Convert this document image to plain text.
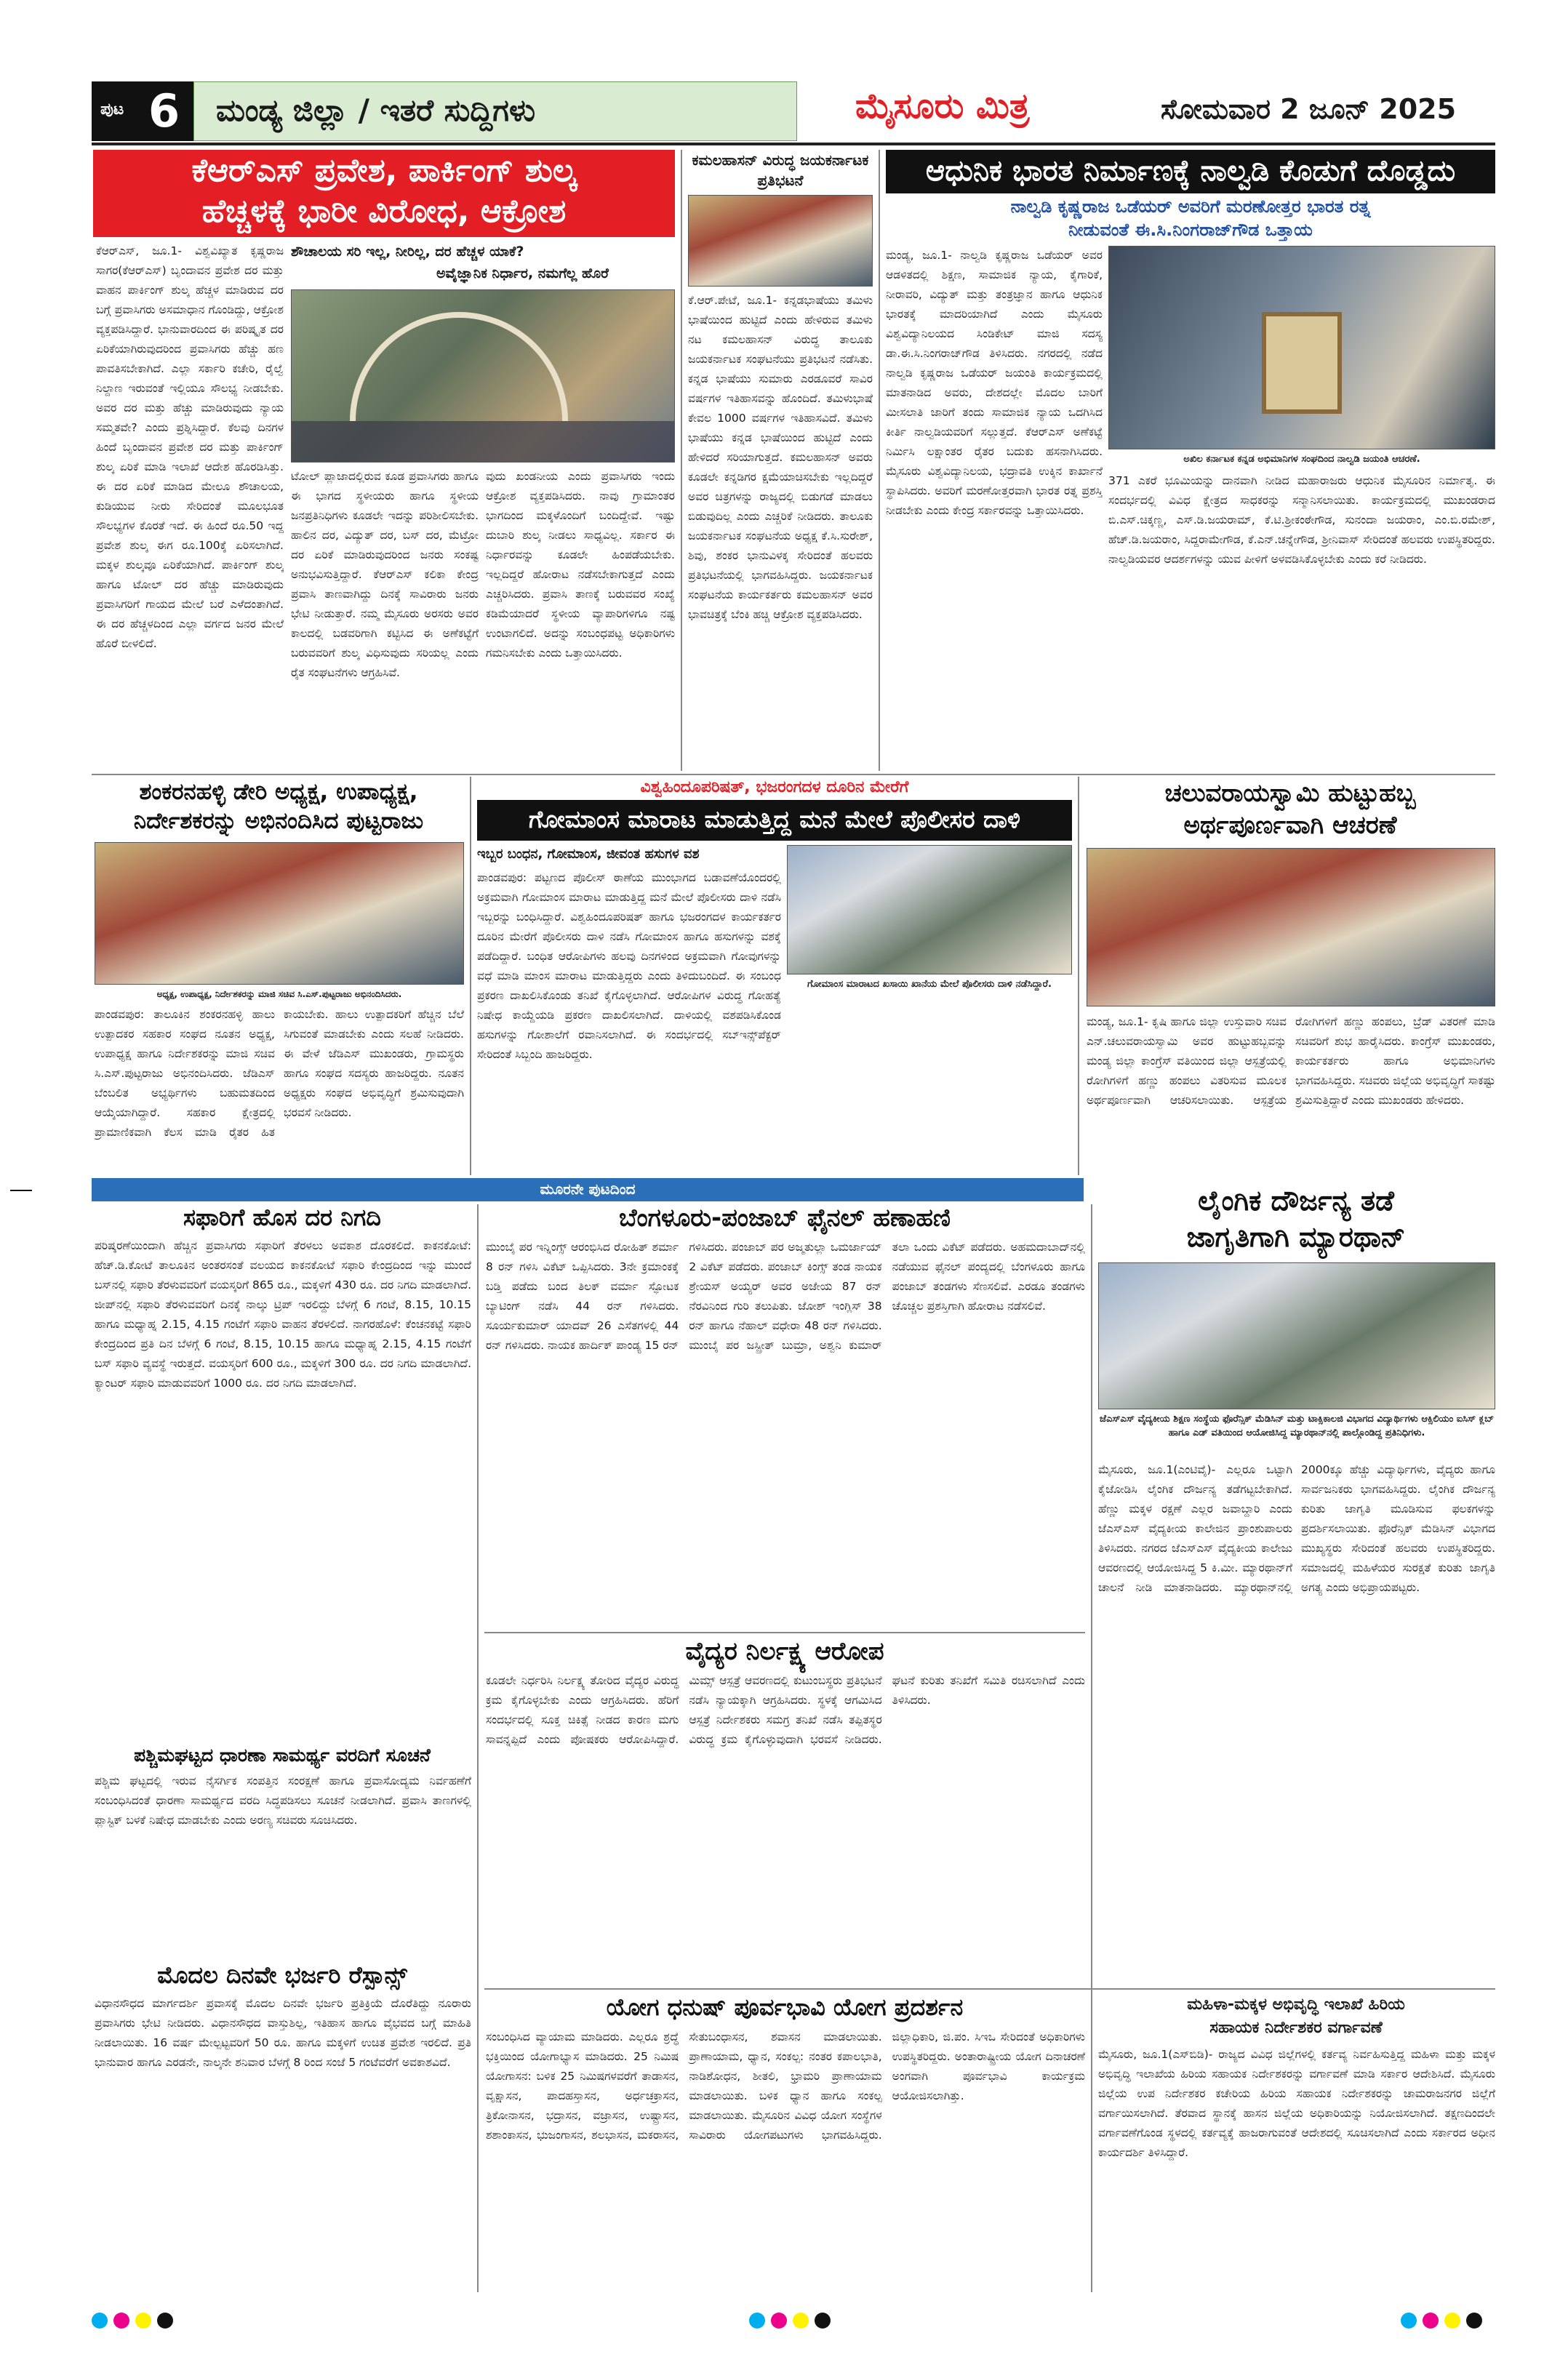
ಪುಟ 6 ಮಂಡ್ಯ ಜಿಲ್ಲಾ / ಇತರೆ ಸುದ್ದಿಗಳು	ಮೈಸೂರು ಮಿತ್ರ	ಸೋಮವಾರ 2 ಜೂನ್ 2025
ಕೆಆರ್‌ಎಸ್ ಪ್ರವೇಶ, ಪಾರ್ಕಿಂಗ್ ಶುಲ್ಕ
ಹೆಚ್ಚಳಕ್ಕೆ ಭಾರೀ ವಿರೋಧ, ಆಕ್ರೋಶ
ಕೆಆರ್‌ಎಸ್, ಜೂ.1- ವಿಶ್ವವಿಖ್ಯಾತ ಕೃಷ್ಣರಾಜ ಸಾಗರ(ಕೆಆರ್‌ಎಸ್) ಬೃಂದಾವನ ಪ್ರವೇಶ ದರ ಮತ್ತು ವಾಹನ ಪಾರ್ಕಿಂಗ್ ಶುಲ್ಕ ಹೆಚ್ಚಳ ಮಾಡಿರುವ ದರ ಬಗ್ಗೆ ಪ್ರವಾಸಿಗರು ಅಸಮಾಧಾನ ಗೊಂಡಿದ್ದು, ಆಕ್ರೋಶ ವ್ಯಕ್ತಪಡಿಸಿದ್ದಾರೆ. ಭಾನುವಾರದಿಂದ ಈ ಪರಿಷ್ಕೃತ ದರ ಏರಿಕೆಯಾಗಿರುವುದರಿಂದ ಪ್ರವಾಸಿಗರು ಹೆಚ್ಚು ಹಣ ಪಾವತಿಸಬೇಕಾಗಿದೆ. ಎಲ್ಲಾ ಸರ್ಕಾರಿ ಕಚೇರಿ, ರೈಲ್ವೆ ನಿಲ್ದಾಣ ಇರುವಂತೆ ಇಲ್ಲಿಯೂ ಸೌಲಭ್ಯ ನೀಡಬೇಕು. ಅವರ ದರ ಮತ್ತು ಹೆಚ್ಚು ಮಾಡಿರುವುದು ನ್ಯಾಯ ಸಮ್ಮತವೇ? ಎಂದು ಪ್ರಶ್ನಿಸಿದ್ದಾರೆ. ಕೆಲವು ದಿನಗಳ ಹಿಂದೆ ಬೃಂದಾವನ ಪ್ರವೇಶ ದರ ಮತ್ತು ಪಾರ್ಕಿಂಗ್ ಶುಲ್ಕ ಏರಿಕೆ ಮಾಡಿ ಇಲಾಖೆ ಆದೇಶ ಹೊರಡಿಸಿತ್ತು. ಈ ದರ ಏರಿಕೆ ಮಾಡಿದ ಮೇಲೂ ಶೌಚಾಲಯ, ಕುಡಿಯುವ ನೀರು ಸೇರಿದಂತೆ ಮೂಲಭೂತ ಸೌಲಭ್ಯಗಳ ಕೊರತೆ ಇದೆ. ಈ ಹಿಂದೆ ರೂ.50 ಇದ್ದ ಪ್ರವೇಶ ಶುಲ್ಕ ಈಗ ರೂ.100ಕ್ಕೆ ಏರಿಸಲಾಗಿದೆ. ಮಕ್ಕಳ ಶುಲ್ಕವೂ ಏರಿಕೆಯಾಗಿದೆ. ಪಾರ್ಕಿಂಗ್ ಶುಲ್ಕ ಹಾಗೂ ಟೋಲ್ ದರ ಹೆಚ್ಚು ಮಾಡಿರುವುದು ಪ್ರವಾಸಿಗರಿಗೆ ಗಾಯದ ಮೇಲೆ ಬರೆ ಎಳೆದಂತಾಗಿದೆ. ಈ ದರ ಹೆಚ್ಚಳದಿಂದ ಎಲ್ಲಾ ವರ್ಗದ ಜನರ ಮೇಲೆ ಹೊರೆ ಬೀಳಲಿದೆ.
ಶೌಚಾಲಯ ಸರಿ ಇಲ್ಲ, ನೀರಿಲ್ಲ, ದರ ಹೆಚ್ಚಳ ಯಾಕೆ?
ಅವೈಜ್ಞಾನಿಕ ನಿರ್ಧಾರ, ನಮಗೆಲ್ಲ ಹೊರೆ
ಟೋಲ್ ಪ್ಲಾಜಾದಲ್ಲಿರುವ ಕೂಡ ಪ್ರವಾಸಿಗರು ಹಾಗೂ ಈ ಭಾಗದ ಸ್ಥಳೀಯರು ಹಾಗೂ ಸ್ಥಳೀಯ ಜನಪ್ರತಿನಿಧಿಗಳು ಕೂಡಲೇ ಇದನ್ನು ಪರಿಶೀಲಿಸಬೇಕು. ಹಾಲಿನ ದರ, ವಿದ್ಯುತ್ ದರ, ಬಸ್ ದರ, ಮೆಟ್ರೋ ದರ ಏರಿಕೆ ಮಾಡಿರುವುದರಿಂದ ಜನರು ಸಂಕಷ್ಟ ಅನುಭವಿಸುತ್ತಿದ್ದಾರೆ. ಕೆಆರ್‌ಎಸ್ ಕಲಿಕಾ ಕೇಂದ್ರ ಪ್ರವಾಸಿ ತಾಣವಾಗಿದ್ದು ದಿನಕ್ಕೆ ಸಾವಿರಾರು ಜನರು ಭೇಟಿ ನೀಡುತ್ತಾರೆ. ನಮ್ಮ ಮೈಸೂರು ಅರಸರು ಅವರ ಕಾಲದಲ್ಲಿ ಬಡವರಿಗಾಗಿ ಕಟ್ಟಿಸಿದ ಈ ಅಣೆಕಟ್ಟೆಗೆ ಬರುವವರಿಗೆ ಶುಲ್ಕ ವಿಧಿಸುವುದು ಸರಿಯಲ್ಲ ಎಂದು ರೈತ ಸಂಘಟನೆಗಳು ಆಗ್ರಹಿಸಿವೆ.
ವುದು ಖಂಡನೀಯ ಎಂದು ಪ್ರವಾಸಿಗರು ಇಂದು ಆಕ್ರೋಶ ವ್ಯಕ್ತಪಡಿಸಿದರು. ನಾವು ಗ್ರಾಮಾಂತರ ಭಾಗದಿಂದ ಮಕ್ಕಳೊಂದಿಗೆ ಬಂದಿದ್ದೇವೆ. ಇಷ್ಟು ದುಬಾರಿ ಶುಲ್ಕ ನೀಡಲು ಸಾಧ್ಯವಿಲ್ಲ. ಸರ್ಕಾರ ಈ ನಿರ್ಧಾರವನ್ನು ಕೂಡಲೇ ಹಿಂಪಡೆಯಬೇಕು. ಇಲ್ಲದಿದ್ದರೆ ಹೋರಾಟ ನಡೆಸಬೇಕಾಗುತ್ತದೆ ಎಂದು ಎಚ್ಚರಿಸಿದರು. ಪ್ರವಾಸಿ ತಾಣಕ್ಕೆ ಬರುವವರ ಸಂಖ್ಯೆ ಕಡಿಮೆಯಾದರೆ ಸ್ಥಳೀಯ ವ್ಯಾಪಾರಿಗಳಿಗೂ ನಷ್ಟ ಉಂಟಾಗಲಿದೆ. ಅದನ್ನು ಸಂಬಂಧಪಟ್ಟ ಅಧಿಕಾರಿಗಳು ಗಮನಿಸಬೇಕು ಎಂದು ಒತ್ತಾಯಿಸಿದರು.
ಕಮಲಹಾಸನ್ ವಿರುದ್ಧ ಜಯಕರ್ನಾಟಕ ಪ್ರತಿಭಟನೆ
ಕೆ.ಆರ್.ಪೇಟೆ, ಜೂ.1- ಕನ್ನಡಭಾಷೆಯು ತಮಿಳು ಭಾಷೆಯಿಂದ ಹುಟ್ಟಿದೆ ಎಂದು ಹೇಳಿರುವ ತಮಿಳು ನಟ ಕಮಲಹಾಸನ್ ವಿರುದ್ಧ ತಾಲೂಕು ಜಯಕರ್ನಾಟಕ ಸಂಘಟನೆಯು ಪ್ರತಿಭಟನೆ ನಡೆಸಿತು. ಕನ್ನಡ ಭಾಷೆಯು ಸುಮಾರು ಎರಡೂವರೆ ಸಾವಿರ ವರ್ಷಗಳ ಇತಿಹಾಸವನ್ನು ಹೊಂದಿದೆ. ತಮಿಳುಭಾಷೆ ಕೇವಲ 1000 ವರ್ಷಗಳ ಇತಿಹಾಸವಿದೆ. ತಮಿಳು ಭಾಷೆಯು ಕನ್ನಡ ಭಾಷೆಯಿಂದ ಹುಟ್ಟಿದೆ ಎಂದು ಹೇಳಿದರೆ ಸರಿಯಾಗುತ್ತದೆ. ಕಮಲಹಾಸನ್ ಅವರು ಕೂಡಲೇ ಕನ್ನಡಿಗರ ಕ್ಷಮೆಯಾಚಿಸಬೇಕು ಇಲ್ಲದಿದ್ದರೆ ಅವರ ಚಿತ್ರಗಳನ್ನು ರಾಜ್ಯದಲ್ಲಿ ಬಿಡುಗಡೆ ಮಾಡಲು ಬಿಡುವುದಿಲ್ಲ ಎಂದು ಎಚ್ಚರಿಕೆ ನೀಡಿದರು. ತಾಲೂಕು ಜಯಕರ್ನಾಟಕ ಸಂಘಟನೆಯ ಅಧ್ಯಕ್ಷ ಕೆ.ಸಿ.ಸುರೇಶ್, ಶಿವು, ಶಂಕರ ಭಾನುವಿಳಕ್ಕ ಸೇರಿದಂತೆ ಹಲವರು ಪ್ರತಿಭಟನೆಯಲ್ಲಿ ಭಾಗವಹಿಸಿದ್ದರು. ಜಯಕರ್ನಾಟಕ ಸಂಘಟನೆಯ ಕಾರ್ಯಕರ್ತರು ಕಮಲಹಾಸನ್ ಅವರ ಭಾವಚಿತ್ರಕ್ಕೆ ಬೆಂಕಿ ಹಚ್ಚಿ ಆಕ್ರೋಶ ವ್ಯಕ್ತಪಡಿಸಿದರು.
ಆಧುನಿಕ ಭಾರತ ನಿರ್ಮಾಣಕ್ಕೆ ನಾಲ್ವಡಿ ಕೊಡುಗೆ ದೊಡ್ಡದು
ನಾಲ್ವಡಿ ಕೃಷ್ಣರಾಜ ಒಡೆಯರ್ ಅವರಿಗೆ ಮರಣೋತ್ತರ ಭಾರತ ರತ್ನ
ನೀಡುವಂತೆ ಈ.ಸಿ.ನಿಂಗರಾಜ್‌ಗೌಡ ಒತ್ತಾಯ
ಮಂಡ್ಯ, ಜೂ.1- ನಾಲ್ವಡಿ ಕೃಷ್ಣರಾಜ ಒಡೆಯರ್ ಅವರ ಆಡಳಿತದಲ್ಲಿ ಶಿಕ್ಷಣ, ಸಾಮಾಜಿಕ ನ್ಯಾಯ, ಕೈಗಾರಿಕೆ, ನೀರಾವರಿ, ವಿದ್ಯುತ್ ಮತ್ತು ತಂತ್ರಜ್ಞಾನ ಹಾಗೂ ಆಧುನಿಕ ಭಾರತಕ್ಕೆ ಮಾದರಿಯಾಗಿದೆ ಎಂದು ಮೈಸೂರು ವಿಶ್ವವಿದ್ಯಾನಿಲಯದ ಸಿಂಡಿಕೇಟ್ ಮಾಜಿ ಸದಸ್ಯ ಡಾ.ಈ.ಸಿ.ನಿಂಗರಾಜ್‌ಗೌಡ ತಿಳಿಸಿದರು. ನಗರದಲ್ಲಿ ನಡೆದ ನಾಲ್ವಡಿ ಕೃಷ್ಣರಾಜ ಒಡೆಯರ್ ಜಯಂತಿ ಕಾರ್ಯಕ್ರಮದಲ್ಲಿ ಮಾತನಾಡಿದ ಅವರು, ದೇಶದಲ್ಲೇ ಮೊದಲ ಬಾರಿಗೆ ಮೀಸಲಾತಿ ಜಾರಿಗೆ ತಂದು ಸಾಮಾಜಿಕ ನ್ಯಾಯ ಒದಗಿಸಿದ ಕೀರ್ತಿ ನಾಲ್ವಡಿಯವರಿಗೆ ಸಲ್ಲುತ್ತದೆ. ಕೆಆರ್‌ಎಸ್ ಅಣೆಕಟ್ಟೆ ನಿರ್ಮಿಸಿ ಲಕ್ಷಾಂತರ ರೈತರ ಬದುಕು ಹಸನಾಗಿಸಿದರು. ಮೈಸೂರು ವಿಶ್ವವಿದ್ಯಾನಿಲಯ, ಭದ್ರಾವತಿ ಉಕ್ಕಿನ ಕಾರ್ಖಾನೆ ಸ್ಥಾಪಿಸಿದರು. ಅವರಿಗೆ ಮರಣೋತ್ತರವಾಗಿ ಭಾರತ ರತ್ನ ಪ್ರಶಸ್ತಿ ನೀಡಬೇಕು ಎಂದು ಕೇಂದ್ರ ಸರ್ಕಾರವನ್ನು ಒತ್ತಾಯಿಸಿದರು.
ಅಖಿಲ ಕರ್ನಾಟಕ ಕನ್ನಡ ಅಭಿಮಾನಿಗಳ ಸಂಘದಿಂದ ನಾಲ್ವಡಿ ಜಯಂತಿ ಆಚರಣೆ.
371 ಎಕರೆ ಭೂಮಿಯನ್ನು ದಾನವಾಗಿ ನೀಡಿದ ಮಹಾರಾಜರು ಆಧುನಿಕ ಮೈಸೂರಿನ ನಿರ್ಮಾತೃ. ಈ ಸಂದರ್ಭದಲ್ಲಿ ವಿವಿಧ ಕ್ಷೇತ್ರದ ಸಾಧಕರನ್ನು ಸನ್ಮಾನಿಸಲಾಯಿತು. ಕಾರ್ಯಕ್ರಮದಲ್ಲಿ ಮುಖಂಡರಾದ ಬಿ.ಎಸ್.ಚಿಕ್ಕಣ್ಣ, ಎಸ್.ಡಿ.ಜಯರಾಮ್, ಕೆ.ಟಿ.ಶ್ರೀಕಂಠೇಗೌಡ, ಸುನಂದಾ ಜಯರಾಂ, ಎಂ.ಬಿ.ರಮೇಶ್, ಹೆಚ್.ಡಿ.ಜಯರಾಂ, ಸಿದ್ದರಾಮೇಗೌಡ, ಕೆ.ಎನ್.ಚನ್ನೇಗೌಡ, ಶ್ರೀನಿವಾಸ್ ಸೇರಿದಂತೆ ಹಲವರು ಉಪಸ್ಥಿತರಿದ್ದರು. ನಾಲ್ವಡಿಯವರ ಆದರ್ಶಗಳನ್ನು ಯುವ ಪೀಳಿಗೆ ಅಳವಡಿಸಿಕೊಳ್ಳಬೇಕು ಎಂದು ಕರೆ ನೀಡಿದರು.
ಶಂಕರನಹಳ್ಳಿ ಡೇರಿ ಅಧ್ಯಕ್ಷ, ಉಪಾಧ್ಯಕ್ಷ,
ನಿರ್ದೇಶಕರನ್ನು ಅಭಿನಂದಿಸಿದ ಪುಟ್ಟರಾಜು
ಅಧ್ಯಕ್ಷ, ಉಪಾಧ್ಯಕ್ಷ, ನಿರ್ದೇಶಕರನ್ನು ಮಾಜಿ ಸಚಿವ ಸಿ.ಎಸ್.ಪುಟ್ಟರಾಜು ಅಭಿನಂದಿಸಿದರು.
ಪಾಂಡವಪುರ: ತಾಲೂಕಿನ ಶಂಕರನಹಳ್ಳಿ ಹಾಲು ಉತ್ಪಾದಕರ ಸಹಕಾರ ಸಂಘದ ನೂತನ ಅಧ್ಯಕ್ಷ, ಉಪಾಧ್ಯಕ್ಷ ಹಾಗೂ ನಿರ್ದೇಶಕರನ್ನು ಮಾಜಿ ಸಚಿವ ಸಿ.ಎಸ್.ಪುಟ್ಟರಾಜು ಅಭಿನಂದಿಸಿದರು. ಜೆಡಿಎಸ್ ಬೆಂಬಲಿತ ಅಭ್ಯರ್ಥಿಗಳು ಬಹುಮತದಿಂದ ಆಯ್ಕೆಯಾಗಿದ್ದಾರೆ. ಸಹಕಾರ ಕ್ಷೇತ್ರದಲ್ಲಿ ಪ್ರಾಮಾಣಿಕವಾಗಿ ಕೆಲಸ ಮಾಡಿ ರೈತರ ಹಿತ ಕಾಯಬೇಕು. ಹಾಲು ಉತ್ಪಾದಕರಿಗೆ ಹೆಚ್ಚಿನ ಬೆಲೆ ಸಿಗುವಂತೆ ಮಾಡಬೇಕು ಎಂದು ಸಲಹೆ ನೀಡಿದರು. ಈ ವೇಳೆ ಜೆಡಿಎಸ್ ಮುಖಂಡರು, ಗ್ರಾಮಸ್ಥರು ಹಾಗೂ ಸಂಘದ ಸದಸ್ಯರು ಹಾಜರಿದ್ದರು. ನೂತನ ಅಧ್ಯಕ್ಷರು ಸಂಘದ ಅಭಿವೃದ್ಧಿಗೆ ಶ್ರಮಿಸುವುದಾಗಿ ಭರವಸೆ ನೀಡಿದರು.
ವಿಶ್ವಹಿಂದೂಪರಿಷತ್, ಭಜರಂಗದಳ ದೂರಿನ ಮೇರೆಗೆ
ಗೋಮಾಂಸ ಮಾರಾಟ ಮಾಡುತ್ತಿದ್ದ ಮನೆ ಮೇಲೆ ಪೊಲೀಸರ ದಾಳಿ
ಇಬ್ಬರ ಬಂಧನ, ಗೋಮಾಂಸ, ಜೀವಂತ ಹಸುಗಳ ವಶ
ಗೋಮಾಂಸ ಮಾರಾಟದ ಖಸಾಯಿ ಖಾನೆಯ ಮೇಲೆ ಪೊಲೀಸರು ದಾಳಿ ನಡೆಸಿದ್ದಾರೆ.
ಪಾಂಡವಪುರ: ಪಟ್ಟಣದ ಪೊಲೀಸ್ ಠಾಣೆಯ ಮುಂಭಾಗದ ಬಡಾವಣೆಯೊಂದರಲ್ಲಿ ಅಕ್ರಮವಾಗಿ ಗೋಮಾಂಸ ಮಾರಾಟ ಮಾಡುತ್ತಿದ್ದ ಮನೆ ಮೇಲೆ ಪೊಲೀಸರು ದಾಳಿ ನಡೆಸಿ ಇಬ್ಬರನ್ನು ಬಂಧಿಸಿದ್ದಾರೆ. ವಿಶ್ವಹಿಂದೂಪರಿಷತ್ ಹಾಗೂ ಭಜರಂಗದಳ ಕಾರ್ಯಕರ್ತರ ದೂರಿನ ಮೇರೆಗೆ ಪೊಲೀಸರು ದಾಳಿ ನಡೆಸಿ ಗೋಮಾಂಸ ಹಾಗೂ ಹಸುಗಳನ್ನು ವಶಕ್ಕೆ ಪಡೆದಿದ್ದಾರೆ. ಬಂಧಿತ ಆರೋಪಿಗಳು ಹಲವು ದಿನಗಳಿಂದ ಅಕ್ರಮವಾಗಿ ಗೋವುಗಳನ್ನು ವಧೆ ಮಾಡಿ ಮಾಂಸ ಮಾರಾಟ ಮಾಡುತ್ತಿದ್ದರು ಎಂದು ತಿಳಿದುಬಂದಿದೆ. ಈ ಸಂಬಂಧ ಪ್ರಕರಣ ದಾಖಲಿಸಿಕೊಂಡು ತನಿಖೆ ಕೈಗೊಳ್ಳಲಾಗಿದೆ. ಆರೋಪಿಗಳ ವಿರುದ್ಧ ಗೋಹತ್ಯೆ ನಿಷೇಧ ಕಾಯ್ದೆಯಡಿ ಪ್ರಕರಣ ದಾಖಲಿಸಲಾಗಿದೆ. ದಾಳಿಯಲ್ಲಿ ವಶಪಡಿಸಿಕೊಂಡ ಹಸುಗಳನ್ನು ಗೋಶಾಲೆಗೆ ರವಾನಿಸಲಾಗಿದೆ. ಈ ಸಂದರ್ಭದಲ್ಲಿ ಸಬ್‌ಇನ್ಸ್‌ಪೆಕ್ಟರ್ ಸೇರಿದಂತೆ ಸಿಬ್ಬಂದಿ ಹಾಜರಿದ್ದರು.
ಚಲುವರಾಯಸ್ವಾಮಿ ಹುಟ್ಟುಹಬ್ಬ
ಅರ್ಥಪೂರ್ಣವಾಗಿ ಆಚರಣೆ
ಮಂಡ್ಯ, ಜೂ.1- ಕೃಷಿ ಹಾಗೂ ಜಿಲ್ಲಾ ಉಸ್ತುವಾರಿ ಸಚಿವ ಎನ್.ಚಲುವರಾಯಸ್ವಾಮಿ ಅವರ ಹುಟ್ಟುಹಬ್ಬವನ್ನು ಮಂಡ್ಯ ಜಿಲ್ಲಾ ಕಾಂಗ್ರೆಸ್ ವತಿಯಿಂದ ಜಿಲ್ಲಾ ಆಸ್ಪತ್ರೆಯಲ್ಲಿ ರೋಗಿಗಳಿಗೆ ಹಣ್ಣು ಹಂಪಲು ವಿತರಿಸುವ ಮೂಲಕ ಅರ್ಥಪೂರ್ಣವಾಗಿ ಆಚರಿಸಲಾಯಿತು. ಆಸ್ಪತ್ರೆಯ ರೋಗಿಗಳಿಗೆ ಹಣ್ಣು ಹಂಪಲು, ಬ್ರೆಡ್ ವಿತರಣೆ ಮಾಡಿ ಸಚಿವರಿಗೆ ಶುಭ ಹಾರೈಸಿದರು. ಕಾಂಗ್ರೆಸ್ ಮುಖಂಡರು, ಕಾರ್ಯಕರ್ತರು ಹಾಗೂ ಅಭಿಮಾನಿಗಳು ಭಾಗವಹಿಸಿದ್ದರು. ಸಚಿವರು ಜಿಲ್ಲೆಯ ಅಭಿವೃದ್ಧಿಗೆ ಸಾಕಷ್ಟು ಶ್ರಮಿಸುತ್ತಿದ್ದಾರೆ ಎಂದು ಮುಖಂಡರು ಹೇಳಿದರು.
ಮೂರನೇ ಪುಟದಿಂದ
ಸಫಾರಿಗೆ ಹೊಸ ದರ ನಿಗದಿ
ಪರಿಷ್ಕರಣೆಯಿಂದಾಗಿ ಹೆಚ್ಚಿನ ಪ್ರವಾಸಿಗರು ಸಫಾರಿಗೆ ತೆರಳಲು ಅವಕಾಶ ದೊರಕಲಿದೆ. ಕಾಕನಕೋಟೆ: ಹೆಚ್.ಡಿ.ಕೋಟೆ ತಾಲೂಕಿನ ಅಂತರಸಂತೆ ವಲಯದ ಕಾಕನಕೋಟೆ ಸಫಾರಿ ಕೇಂದ್ರದಿಂದ ಇನ್ನು ಮುಂದೆ ಬಸ್‌ನಲ್ಲಿ ಸಫಾರಿ ತೆರಳುವವರಿಗೆ ವಯಸ್ಕರಿಗೆ 865 ರೂ., ಮಕ್ಕಳಿಗೆ 430 ರೂ. ದರ ನಿಗದಿ ಮಾಡಲಾಗಿದೆ. ಜೀಪ್‌ನಲ್ಲಿ ಸಫಾರಿ ತೆರಳುವವರಿಗೆ ದಿನಕ್ಕೆ ನಾಲ್ಕು ಟ್ರಿಪ್ ಇರಲಿದ್ದು ಬೆಳಗ್ಗೆ 6 ಗಂಟೆ, 8.15, 10.15 ಹಾಗೂ ಮಧ್ಯಾಹ್ನ 2.15, 4.15 ಗಂಟೆಗೆ ಸಫಾರಿ ವಾಹನ ತೆರಳಲಿದೆ. ನಾಗರಹೊಳೆ: ಕೆಂಚನಕಟ್ಟೆ ಸಫಾರಿ ಕೇಂದ್ರದಿಂದ ಪ್ರತಿ ದಿನ ಬೆಳಗ್ಗೆ 6 ಗಂಟೆ, 8.15, 10.15 ಹಾಗೂ ಮಧ್ಯಾಹ್ನ 2.15, 4.15 ಗಂಟೆಗೆ ಬಸ್ ಸಫಾರಿ ವ್ಯವಸ್ಥೆ ಇರುತ್ತದೆ. ವಯಸ್ಕರಿಗೆ 600 ರೂ., ಮಕ್ಕಳಿಗೆ 300 ರೂ. ದರ ನಿಗದಿ ಮಾಡಲಾಗಿದೆ. ಕ್ಯಾಂಟರ್ ಸಫಾರಿ ಮಾಡುವವರಿಗೆ 1000 ರೂ. ದರ ನಿಗದಿ ಮಾಡಲಾಗಿದೆ.
ಪಶ್ಚಿಮಘಟ್ಟದ ಧಾರಣಾ ಸಾಮರ್ಥ್ಯ ವರದಿಗೆ ಸೂಚನೆ
ಪಶ್ಚಿಮ ಘಟ್ಟದಲ್ಲಿ ಇರುವ ನೈಸರ್ಗಿಕ ಸಂಪತ್ತಿನ ಸಂರಕ್ಷಣೆ ಹಾಗೂ ಪ್ರವಾಸೋದ್ಯಮ ನಿರ್ವಹಣೆಗೆ ಸಂಬಂಧಿಸಿದಂತೆ ಧಾರಣಾ ಸಾಮರ್ಥ್ಯದ ವರದಿ ಸಿದ್ಧಪಡಿಸಲು ಸೂಚನೆ ನೀಡಲಾಗಿದೆ. ಪ್ರವಾಸಿ ತಾಣಗಳಲ್ಲಿ ಪ್ಲಾಸ್ಟಿಕ್ ಬಳಕೆ ನಿಷೇಧ ಮಾಡಬೇಕು ಎಂದು ಅರಣ್ಯ ಸಚಿವರು ಸೂಚಿಸಿದರು.
ಮೊದಲ ದಿನವೇ ಭರ್ಜರಿ ರೆಸ್ಪಾನ್ಸ್
ವಿಧಾನಸೌಧದ ಮಾರ್ಗದರ್ಶಿ ಪ್ರವಾಸಕ್ಕೆ ಮೊದಲ ದಿನವೇ ಭರ್ಜರಿ ಪ್ರತಿಕ್ರಿಯೆ ದೊರೆತಿದ್ದು ನೂರಾರು ಪ್ರವಾಸಿಗರು ಭೇಟಿ ನೀಡಿದರು. ವಿಧಾನಸೌಧದ ವಾಸ್ತುಶಿಲ್ಪ, ಇತಿಹಾಸ ಹಾಗೂ ವೈಭವದ ಬಗ್ಗೆ ಮಾಹಿತಿ ನೀಡಲಾಯಿತು. 16 ವರ್ಷ ಮೇಲ್ಪಟ್ಟವರಿಗೆ 50 ರೂ. ಹಾಗೂ ಮಕ್ಕಳಿಗೆ ಉಚಿತ ಪ್ರವೇಶ ಇರಲಿದೆ. ಪ್ರತಿ ಭಾನುವಾರ ಹಾಗೂ ಎರಡನೇ, ನಾಲ್ಕನೇ ಶನಿವಾರ ಬೆಳಗ್ಗೆ 8 ರಿಂದ ಸಂಜೆ 5 ಗಂಟೆವರೆಗೆ ಅವಕಾಶವಿದೆ.
ಬೆಂಗಳೂರು-ಪಂಜಾಬ್ ಫೈನಲ್ ಹಣಾಹಣಿ
ಮುಂಬೈ ಪರ ಇನ್ನಿಂಗ್ಸ್ ಆರಂಭಿಸಿದ ರೋಹಿತ್ ಶರ್ಮಾ 8 ರನ್ ಗಳಿಸಿ ವಿಕೆಟ್ ಒಪ್ಪಿಸಿದರು. 3ನೇ ಕ್ರಮಾಂಕಕ್ಕೆ ಬಡ್ತಿ ಪಡೆದು ಬಂದ ತಿಲಕ್ ವರ್ಮಾ ಸ್ಫೋಟಕ ಬ್ಯಾಟಿಂಗ್ ನಡೆಸಿ 44 ರನ್ ಗಳಿಸಿದರು. ಸೂರ್ಯಕುಮಾರ್ ಯಾದವ್ 26 ಎಸೆತಗಳಲ್ಲಿ 44 ರನ್ ಗಳಿಸಿದರು. ನಾಯಕ ಹಾರ್ದಿಕ್ ಪಾಂಡ್ಯ 15 ರನ್ ಗಳಿಸಿದರು. ಪಂಜಾಬ್ ಪರ ಅಜ್ಮತುಲ್ಲಾ ಒಮರ್ಜಾಯ್ 2 ವಿಕೆಟ್ ಪಡೆದರು. ಪಂಜಾಬ್ ಕಿಂಗ್ಸ್ ತಂಡ ನಾಯಕ ಶ್ರೇಯಸ್ ಅಯ್ಯರ್ ಅವರ ಅಜೇಯ 87 ರನ್ ನೆರವಿನಿಂದ ಗುರಿ ತಲುಪಿತು. ಜೋಶ್ ಇಂಗ್ಲಿಸ್ 38 ರನ್ ಹಾಗೂ ನೆಹಾಲ್ ವಧೇರಾ 48 ರನ್ ಗಳಿಸಿದರು. ಮುಂಬೈ ಪರ ಜಸ್ಪ್ರೀತ್ ಬುಮ್ರಾ, ಅಶ್ವನಿ ಕುಮಾರ್ ತಲಾ ಒಂದು ವಿಕೆಟ್ ಪಡೆದರು. ಅಹಮದಾಬಾದ್‌ನಲ್ಲಿ ನಡೆಯುವ ಫೈನಲ್ ಪಂದ್ಯದಲ್ಲಿ ಬೆಂಗಳೂರು ಹಾಗೂ ಪಂಜಾಬ್ ತಂಡಗಳು ಸೆಣಸಲಿವೆ. ಎರಡೂ ತಂಡಗಳು ಚೊಚ್ಚಲ ಪ್ರಶಸ್ತಿಗಾಗಿ ಹೋರಾಟ ನಡೆಸಲಿವೆ.
ವೈದ್ಯರ ನಿರ್ಲಕ್ಷ್ಯ ಆರೋಪ
ಕೂಡಲೇ ನಿರ್ಧರಿಸಿ ನಿರ್ಲಕ್ಷ್ಯ ತೋರಿದ ವೈದ್ಯರ ವಿರುದ್ಧ ಕ್ರಮ ಕೈಗೊಳ್ಳಬೇಕು ಎಂದು ಆಗ್ರಹಿಸಿದರು. ಹೆರಿಗೆ ಸಂದರ್ಭದಲ್ಲಿ ಸೂಕ್ತ ಚಿಕಿತ್ಸೆ ನೀಡದ ಕಾರಣ ಮಗು ಸಾವನ್ನಪ್ಪಿದೆ ಎಂದು ಪೋಷಕರು ಆರೋಪಿಸಿದ್ದಾರೆ. ಮಿಮ್ಸ್ ಆಸ್ಪತ್ರೆ ಆವರಣದಲ್ಲಿ ಕುಟುಂಬಸ್ಥರು ಪ್ರತಿಭಟನೆ ನಡೆಸಿ ನ್ಯಾಯಕ್ಕಾಗಿ ಆಗ್ರಹಿಸಿದರು. ಸ್ಥಳಕ್ಕೆ ಆಗಮಿಸಿದ ಆಸ್ಪತ್ರೆ ನಿರ್ದೇಶಕರು ಸಮಗ್ರ ತನಿಖೆ ನಡೆಸಿ ತಪ್ಪಿತಸ್ಥರ ವಿರುದ್ಧ ಕ್ರಮ ಕೈಗೊಳ್ಳುವುದಾಗಿ ಭರವಸೆ ನೀಡಿದರು. ಘಟನೆ ಕುರಿತು ತನಿಖೆಗೆ ಸಮಿತಿ ರಚಿಸಲಾಗಿದೆ ಎಂದು ತಿಳಿಸಿದರು.
ಯೋಗ ಧನುಷ್ ಪೂರ್ವಭಾವಿ ಯೋಗ ಪ್ರದರ್ಶನ
ಸಂಬಂಧಿಸಿದ ವ್ಯಾಯಾಮ ಮಾಡಿದರು. ಎಲ್ಲರೂ ಶ್ರದ್ಧೆ ಭಕ್ತಿಯಿಂದ ಯೋಗಾಭ್ಯಾಸ ಮಾಡಿದರು. 25 ನಿಮಿಷ ಯೋಗಾಸನ: ಬಳಿಕ 25 ನಿಮಿಷಗಳವರೆಗೆ ತಾಡಾಸನ, ವೃಕ್ಷಾಸನ, ಪಾದಹಸ್ತಾಸನ, ಅರ್ಧಚಕ್ರಾಸನ, ತ್ರಿಕೋನಾಸನ, ಭದ್ರಾಸನ, ವಜ್ರಾಸನ, ಉಷ್ಟ್ರಾಸನ, ಶಶಾಂಕಾಸನ, ಭುಜಂಗಾಸನ, ಶಲಭಾಸನ, ಮಕರಾಸನ, ಸೇತುಬಂಧಾಸನ, ಶವಾಸನ ಮಾಡಲಾಯಿತು. ಪ್ರಾಣಾಯಾಮ, ಧ್ಯಾನ, ಸಂಕಲ್ಪ: ನಂತರ ಕಪಾಲಭಾತಿ, ನಾಡಿಶೋಧನ, ಶೀತಲಿ, ಭ್ರಾಮರಿ ಪ್ರಾಣಾಯಾಮ ಮಾಡಲಾಯಿತು. ಬಳಿಕ ಧ್ಯಾನ ಹಾಗೂ ಸಂಕಲ್ಪ ಮಾಡಲಾಯಿತು. ಮೈಸೂರಿನ ವಿವಿಧ ಯೋಗ ಸಂಸ್ಥೆಗಳ ಸಾವಿರಾರು ಯೋಗಪಟುಗಳು ಭಾಗವಹಿಸಿದ್ದರು. ಜಿಲ್ಲಾಧಿಕಾರಿ, ಜಿ.ಪಂ. ಸಿಇಒ ಸೇರಿದಂತೆ ಅಧಿಕಾರಿಗಳು ಉಪಸ್ಥಿತರಿದ್ದರು. ಅಂತಾರಾಷ್ಟ್ರೀಯ ಯೋಗ ದಿನಾಚರಣೆ ಅಂಗವಾಗಿ ಪೂರ್ವಭಾವಿ ಕಾರ್ಯಕ್ರಮ ಆಯೋಜಿಸಲಾಗಿತ್ತು.
ಲೈಂಗಿಕ ದೌರ್ಜನ್ಯ ತಡೆ
ಜಾಗೃತಿಗಾಗಿ ಮ್ಯಾರಥಾನ್
ಜೆಎಸ್‌ಎಸ್ ವೈದ್ಯಕೀಯ ಶಿಕ್ಷಣ ಸಂಸ್ಥೆಯ ಫೊರೆನ್ಸಿಕ್ ಮೆಡಿಸಿನ್ ಮತ್ತು ಟಾಕ್ಸಿಕಾಲಜಿ ವಿಭಾಗದ ವಿದ್ಯಾರ್ಥಿಗಳು ಆಕ್ಸಿಲಿಯಂ ಐಸಿಸ್ ಕ್ಲಬ್ ಹಾಗೂ ಎಡ್ ವತಿಯಿಂದ ಆಯೋಜಿಸಿದ್ದ ಮ್ಯಾರಥಾನ್‌ನಲ್ಲಿ ಪಾಲ್ಗೊಂಡಿದ್ದ ಪ್ರತಿನಿಧಿಗಳು.
ಮೈಸೂರು, ಜೂ.1(ಎಂಟಿವೈ)- ಎಲ್ಲರೂ ಒಟ್ಟಾಗಿ ಕೈಜೋಡಿಸಿ ಲೈಂಗಿಕ ದೌರ್ಜನ್ಯ ತಡೆಗಟ್ಟಬೇಕಾಗಿದೆ. ಹೆಣ್ಣು ಮಕ್ಕಳ ರಕ್ಷಣೆ ಎಲ್ಲರ ಜವಾಬ್ದಾರಿ ಎಂದು ಜೆಎಸ್‌ಎಸ್ ವೈದ್ಯಕೀಯ ಕಾಲೇಜಿನ ಪ್ರಾಂಶುಪಾಲರು ತಿಳಿಸಿದರು. ನಗರದ ಜೆಎಸ್‌ಎಸ್ ವೈದ್ಯಕೀಯ ಕಾಲೇಜು ಆವರಣದಲ್ಲಿ ಆಯೋಜಿಸಿದ್ದ 5 ಕಿ.ಮೀ. ಮ್ಯಾರಥಾನ್‌ಗೆ ಚಾಲನೆ ನೀಡಿ ಮಾತನಾಡಿದರು. ಮ್ಯಾರಥಾನ್‌ನಲ್ಲಿ 2000ಕ್ಕೂ ಹೆಚ್ಚು ವಿದ್ಯಾರ್ಥಿಗಳು, ವೈದ್ಯರು ಹಾಗೂ ಸಾರ್ವಜನಿಕರು ಭಾಗವಹಿಸಿದ್ದರು. ಲೈಂಗಿಕ ದೌರ್ಜನ್ಯ ಕುರಿತು ಜಾಗೃತಿ ಮೂಡಿಸುವ ಫಲಕಗಳನ್ನು ಪ್ರದರ್ಶಿಸಲಾಯಿತು. ಫೊರೆನ್ಸಿಕ್ ಮೆಡಿಸಿನ್ ವಿಭಾಗದ ಮುಖ್ಯಸ್ಥರು ಸೇರಿದಂತೆ ಹಲವರು ಉಪಸ್ಥಿತರಿದ್ದರು. ಸಮಾಜದಲ್ಲಿ ಮಹಿಳೆಯರ ಸುರಕ್ಷತೆ ಕುರಿತು ಜಾಗೃತಿ ಅಗತ್ಯ ಎಂದು ಅಭಿಪ್ರಾಯಪಟ್ಟರು.
ಮಹಿಳಾ-ಮಕ್ಕಳ ಅಭಿವೃದ್ಧಿ ಇಲಾಖೆ ಹಿರಿಯ
ಸಹಾಯಕ ನಿರ್ದೇಶಕರ ವರ್ಗಾವಣೆ
ಮೈಸೂರು, ಜೂ.1(ಎಸ್‌ಬಿಡಿ)- ರಾಜ್ಯದ ವಿವಿಧ ಜಿಲ್ಲೆಗಳಲ್ಲಿ ಕರ್ತವ್ಯ ನಿರ್ವಹಿಸುತ್ತಿದ್ದ ಮಹಿಳಾ ಮತ್ತು ಮಕ್ಕಳ ಅಭಿವೃದ್ಧಿ ಇಲಾಖೆಯ ಹಿರಿಯ ಸಹಾಯಕ ನಿರ್ದೇಶಕರನ್ನು ವರ್ಗಾವಣೆ ಮಾಡಿ ಸರ್ಕಾರ ಆದೇಶಿಸಿದೆ. ಮೈಸೂರು ಜಿಲ್ಲೆಯ ಉಪ ನಿರ್ದೇಶಕರ ಕಚೇರಿಯ ಹಿರಿಯ ಸಹಾಯಕ ನಿರ್ದೇಶಕರನ್ನು ಚಾಮರಾಜನಗರ ಜಿಲ್ಲೆಗೆ ವರ್ಗಾಯಿಸಲಾಗಿದೆ. ತೆರವಾದ ಸ್ಥಾನಕ್ಕೆ ಹಾಸನ ಜಿಲ್ಲೆಯ ಅಧಿಕಾರಿಯನ್ನು ನಿಯೋಜಿಸಲಾಗಿದೆ. ತಕ್ಷಣದಿಂದಲೇ ವರ್ಗಾವಣೆಗೊಂಡ ಸ್ಥಳದಲ್ಲಿ ಕರ್ತವ್ಯಕ್ಕೆ ಹಾಜರಾಗುವಂತೆ ಆದೇಶದಲ್ಲಿ ಸೂಚಿಸಲಾಗಿದೆ ಎಂದು ಸರ್ಕಾರದ ಅಧೀನ ಕಾರ್ಯದರ್ಶಿ ತಿಳಿಸಿದ್ದಾರೆ.
